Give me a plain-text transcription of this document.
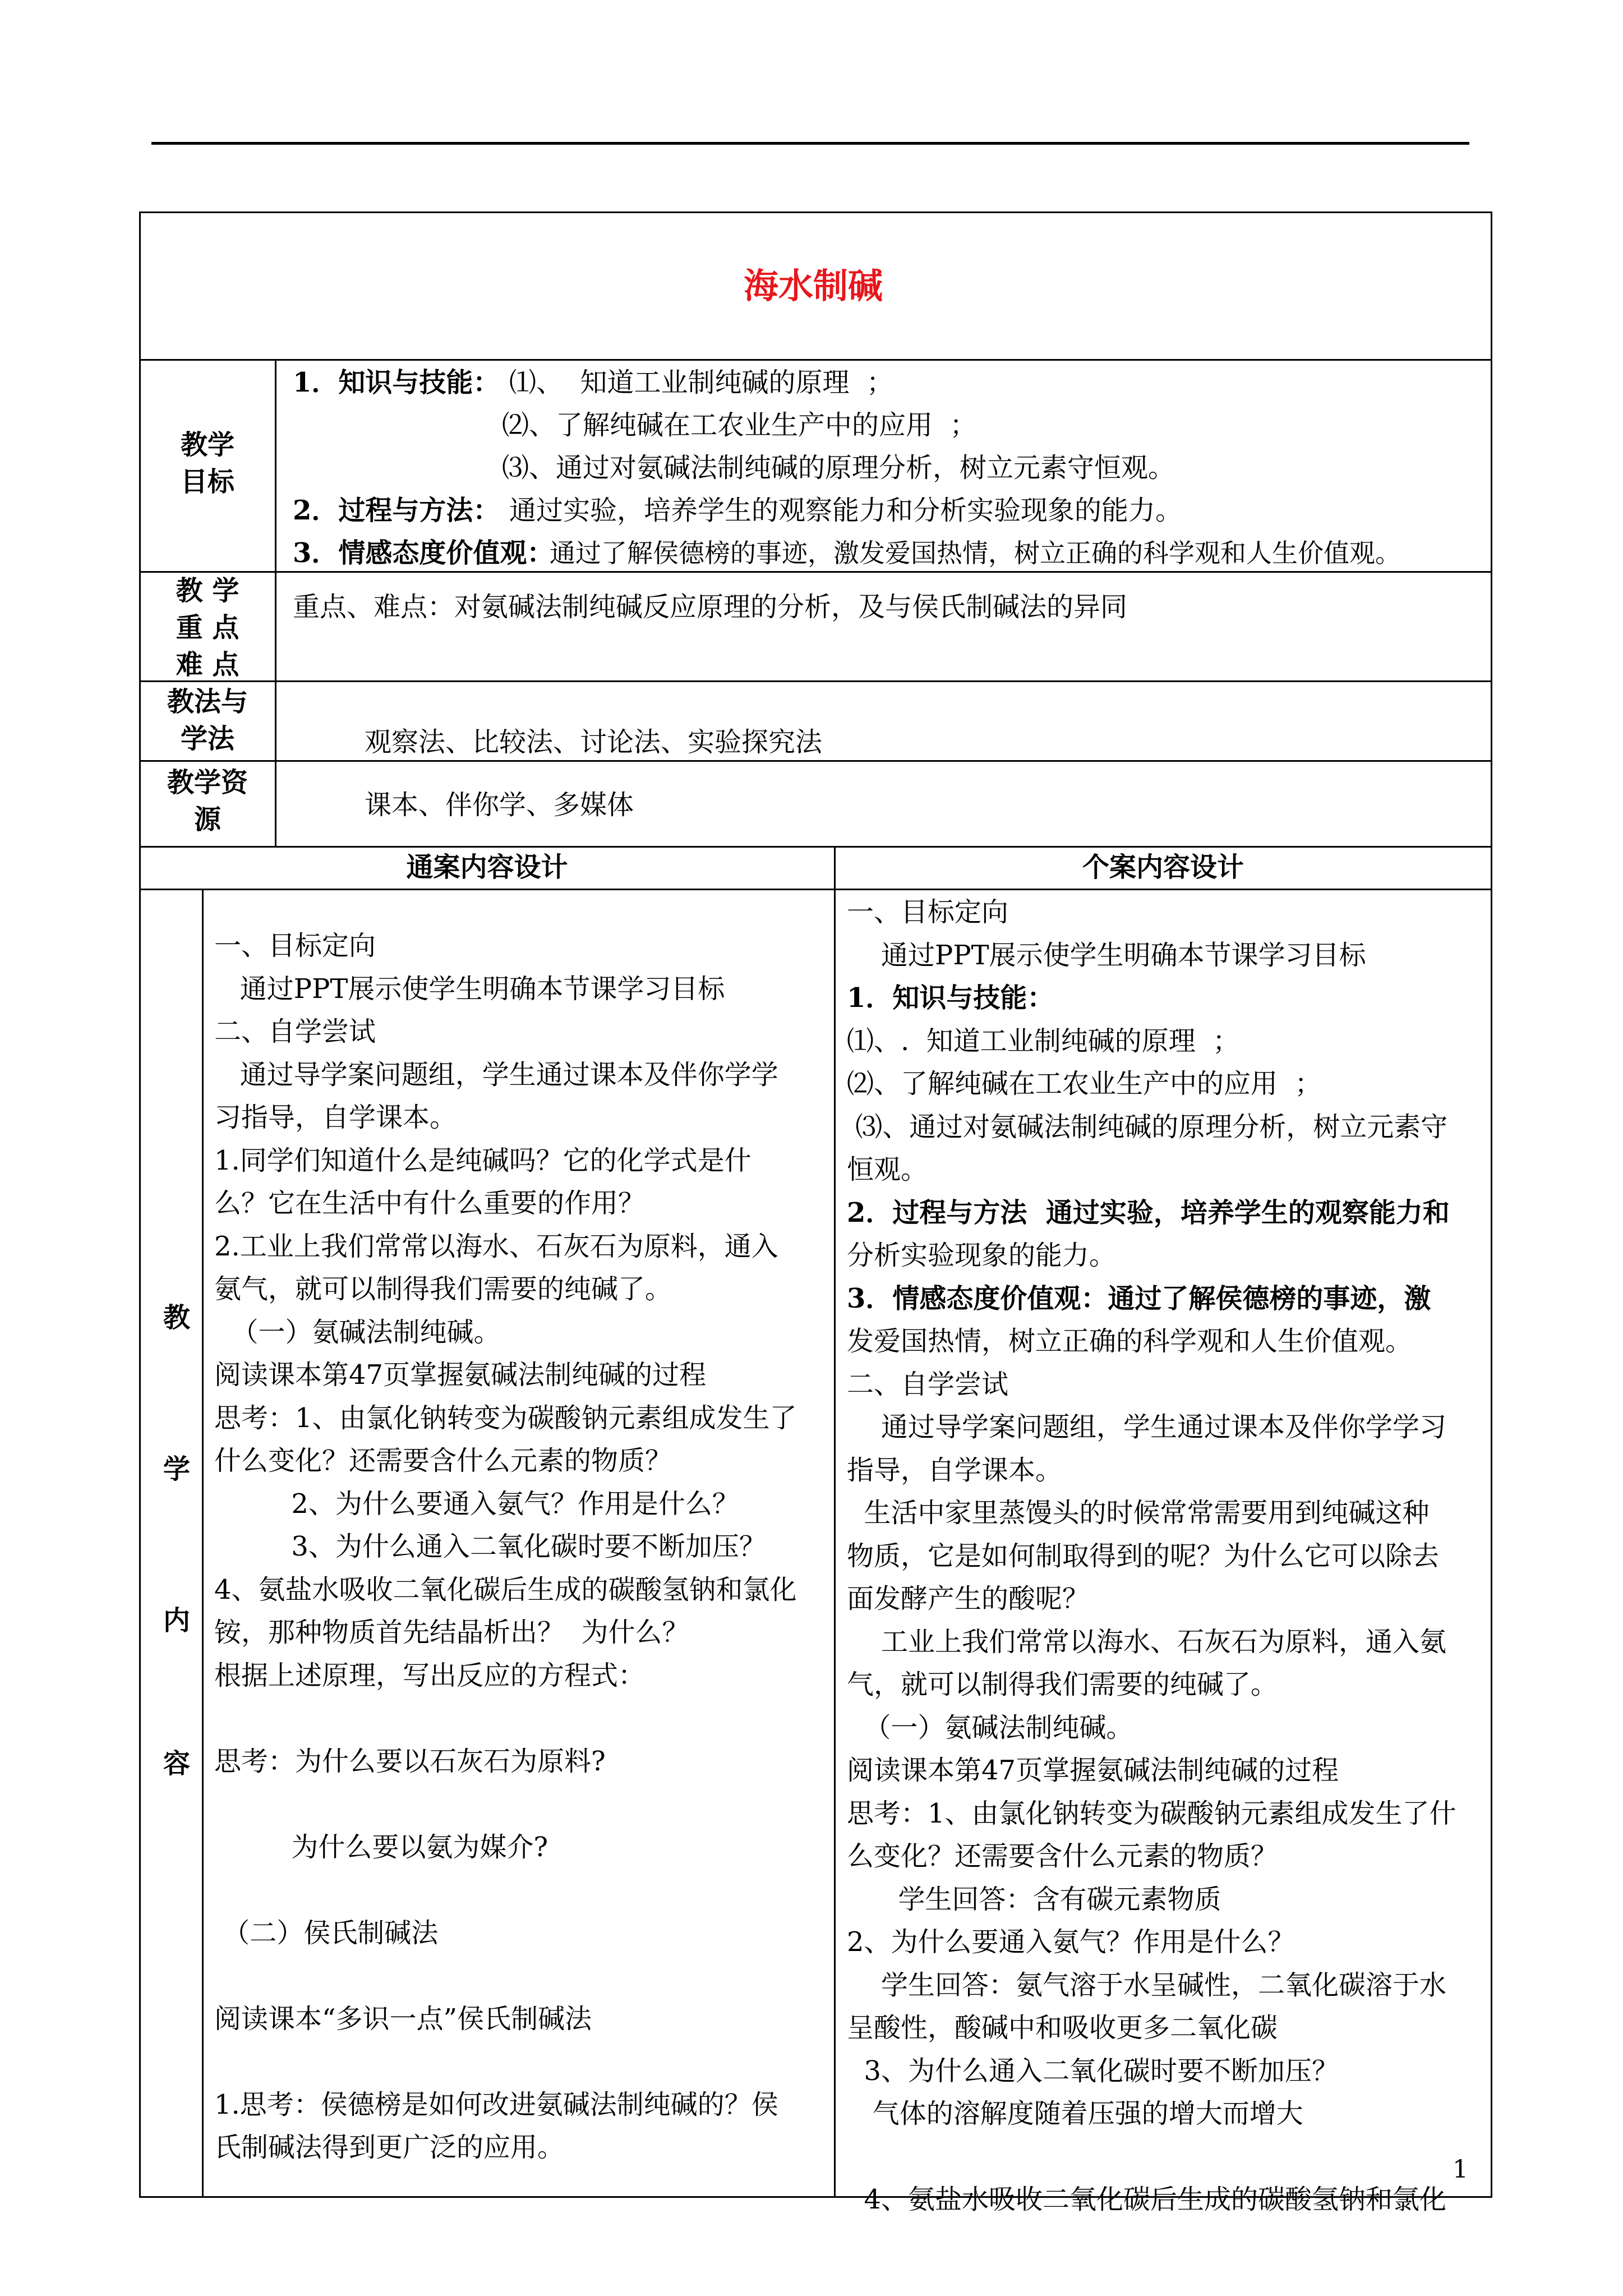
海水制碱
教学
目标
教 学
重 点
难 点
教法与
学法
教学资
源
1．知识与技能： ⑴、  知道工业制纯碱的原理  ；
⑵、了解纯碱在工农业生产中的应用  ；
⑶、通过对氨碱法制纯碱的原理分析，树立元素守恒观。
2．过程与方法： 通过实验，培养学生的观察能力和分析实验现象的能力。
3．情感态度价值观：
通过了解侯德榜的事迹，激发爱国热情，树立正确的科学观和人生价值观。
重点、难点：对氨碱法制纯碱反应原理的分析，及与侯氏制碱法的异同
观察法、比较法、讨论法、实验探究法
课本、伴你学、多媒体
通案内容设计	个案内容设计
教
学
内
容
一、目标定向
通过PPT展示使学生明确本节课学习目标
二、自学尝试
通过导学案问题组，学生通过课本及伴你学学
习指导，自学课本。
1.同学们知道什么是纯碱吗？它的化学式是什
么？它在生活中有什么重要的作用？
2.工业上我们常常以海水、石灰石为原料，通入
氨气，就可以制得我们需要的纯碱了。
（一）氨碱法制纯碱。
阅读课本第47页掌握氨碱法制纯碱的过程
思考：1、由氯化钠转变为碳酸钠元素组成发生了
什么变化？还需要含什么元素的物质？
2、为什么要通入氨气？作用是什么？
3、为什么通入二氧化碳时要不断加压？
4、氨盐水吸收二氧化碳后生成的碳酸氢钠和氯化
铵，那种物质首先结晶析出？  为什么？
根据上述原理，写出反应的方程式：
思考：为什么要以石灰石为原料?
为什么要以氨为媒介?
（二）侯氏制碱法
阅读课本“多识一点”侯氏制碱法
1.思考：侯德榜是如何改进氨碱法制纯碱的？侯
氏制碱法得到更广泛的应用。
一、目标定向
通过PPT展示使学生明确本节课学习目标
1．知识与技能：
⑴、.  知道工业制纯碱的原理  ；
⑵、了解纯碱在工农业生产中的应用  ；
⑶、通过对氨碱法制纯碱的原理分析，树立元素守
恒观。
2．过程与方法  通过实验，培养学生的观察能力和
分析实验现象的能力。
3．情感态度价值观：通过了解侯德榜的事迹，激
发爱国热情，树立正确的科学观和人生价值观。
二、自学尝试
通过导学案问题组，学生通过课本及伴你学学习
指导，自学课本。
生活中家里蒸馒头的时候常常需要用到纯碱这种
物质，它是如何制取得到的呢？为什么它可以除去
面发酵产生的酸呢？
工业上我们常常以海水、石灰石为原料，通入氨
气，就可以制得我们需要的纯碱了。
（一）氨碱法制纯碱。
阅读课本第47页掌握氨碱法制纯碱的过程
思考：1、由氯化钠转变为碳酸钠元素组成发生了什
么变化？还需要含什么元素的物质？
学生回答：含有碳元素物质
2、为什么要通入氨气？作用是什么？
学生回答：氨气溶于水呈碱性，二氧化碳溶于水
呈酸性，酸碱中和吸收更多二氧化碳
3、为什么通入二氧化碳时要不断加压？
气体的溶解度随着压强的增大而增大
4、氨盐水吸收二氧化碳后生成的碳酸氢钠和氯化
1
